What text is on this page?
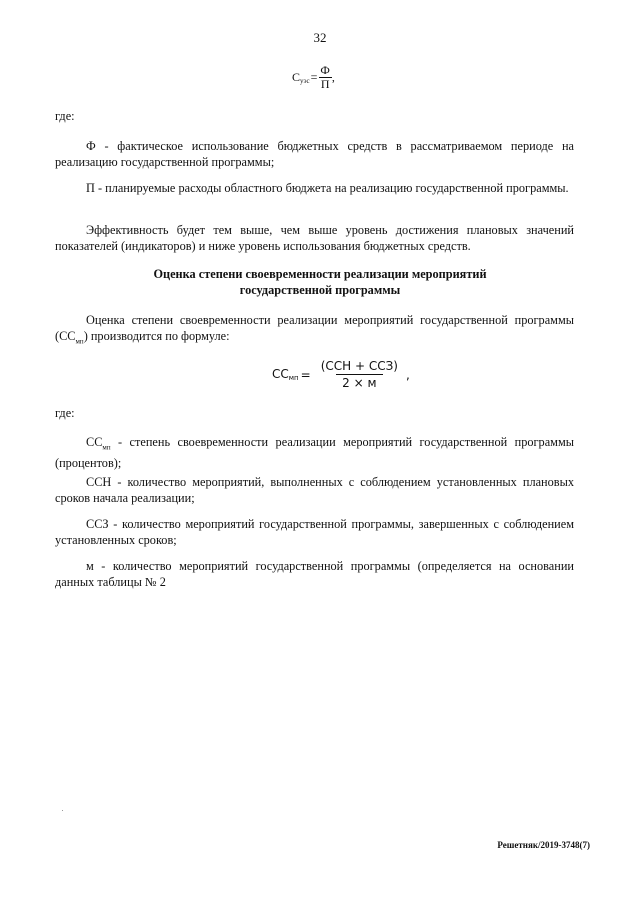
32
$С_{уэс} = \frac{Ф}{П}$ ,
где:
Ф - фактическое использование бюджетных средств в рассматриваемом периоде на реализацию государственной программы;
П - планируемые расходы областного бюджета на реализацию государственной программы.
Эффективность будет тем выше, чем выше уровень достижения плановых значений показателей (индикаторов) и ниже уровень использования бюджетных средств.
Оценка степени своевременности реализации мероприятий
государственной программы
Оценка степени своевременности реализации мероприятий государственной программы $(СС_{мп})$ производится по формуле:
$СС_{мп} = \frac{\text{(ССН + ССЗ)}}{2 \times м}$ ,
где:
$СС_{мп}$ - степень своевременности реализации мероприятий государственной программы (процентов);
ССН - количество мероприятий, выполненных с соблюдением установленных плановых сроков начала реализации;
ССЗ - количество мероприятий государственной программы, завершенных с соблюдением установленных сроков;
м - количество мероприятий государственной программы (определяется на основании данных таблицы № 2
Решетняк/2019-3748(7)
